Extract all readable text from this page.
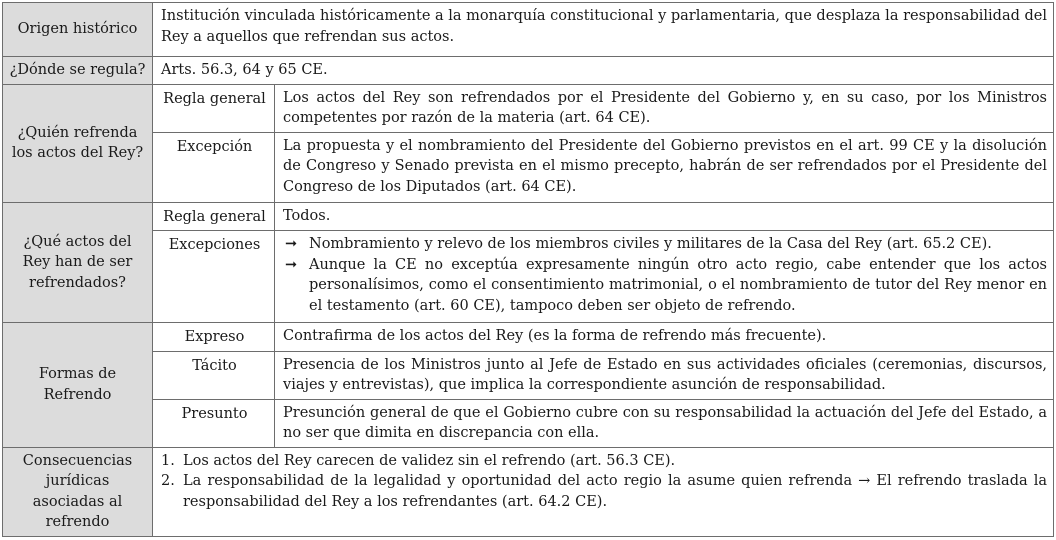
Origen histórico	Institución vinculada históricamente a la monarquía constitucional y parlamentaria, que desplaza la responsabilidad del Rey a aquellos que refrendan sus actos.	
¿Dónde se regula?	Arts. 56.3, 64 y 65 CE.	
¿Quién refrenda los actos del Rey?	Regla general	Los actos del Rey son refrendados por el Presidente del Gobierno y, en su caso, por los Ministros competentes por razón de la materia (art. 64 CE).
	Excepción	La propuesta y el nombramiento del Presidente del Gobierno previstos en el art. 99 CE y la disolución de Congreso y Senado prevista en el mismo precepto, habrán de ser refrendados por el Presidente del Congreso de los Diputados (art. 64 CE).
¿Qué actos del Rey han de ser refrendados?	Regla general	Todos.
	Excepciones	➞ Nombramiento y relevo de los miembros civiles y militares de la Casa del Rey (art. 65.2 CE).
➞ Aunque la CE no exceptúa expresamente ningún otro acto regio, cabe entender que los actos personalísimos, como el consentimiento matrimonial, o el nombramiento de tutor del Rey menor en el testamento (art. 60 CE), tampoco deben ser objeto de refrendo.

Formas de Refrendo	Expreso	Contrafirma de los actos del Rey (es la forma de refrendo más frecuente).
	Tácito	Presencia de los Ministros junto al Jefe de Estado en sus actividades oficiales (ceremonias, discursos, viajes y entrevistas), que implica la correspondiente asunción de responsabilidad.
	Presunto	Presunción general de que el Gobierno cubre con su responsabilidad la actuación del Jefe del Estado, a no ser que dimita en discrepancia con ella.
Consecuencias jurídicas asociadas al refrendo	1. Los actos del Rey carecen de validez sin el refrendo (art. 56.3 CE).
2. La responsabilidad de la legalidad y oportunidad del acto regio la asume quien refrenda → El refrendo traslada la responsabilidad del Rey a los refrendantes (art. 64.2 CE).	
